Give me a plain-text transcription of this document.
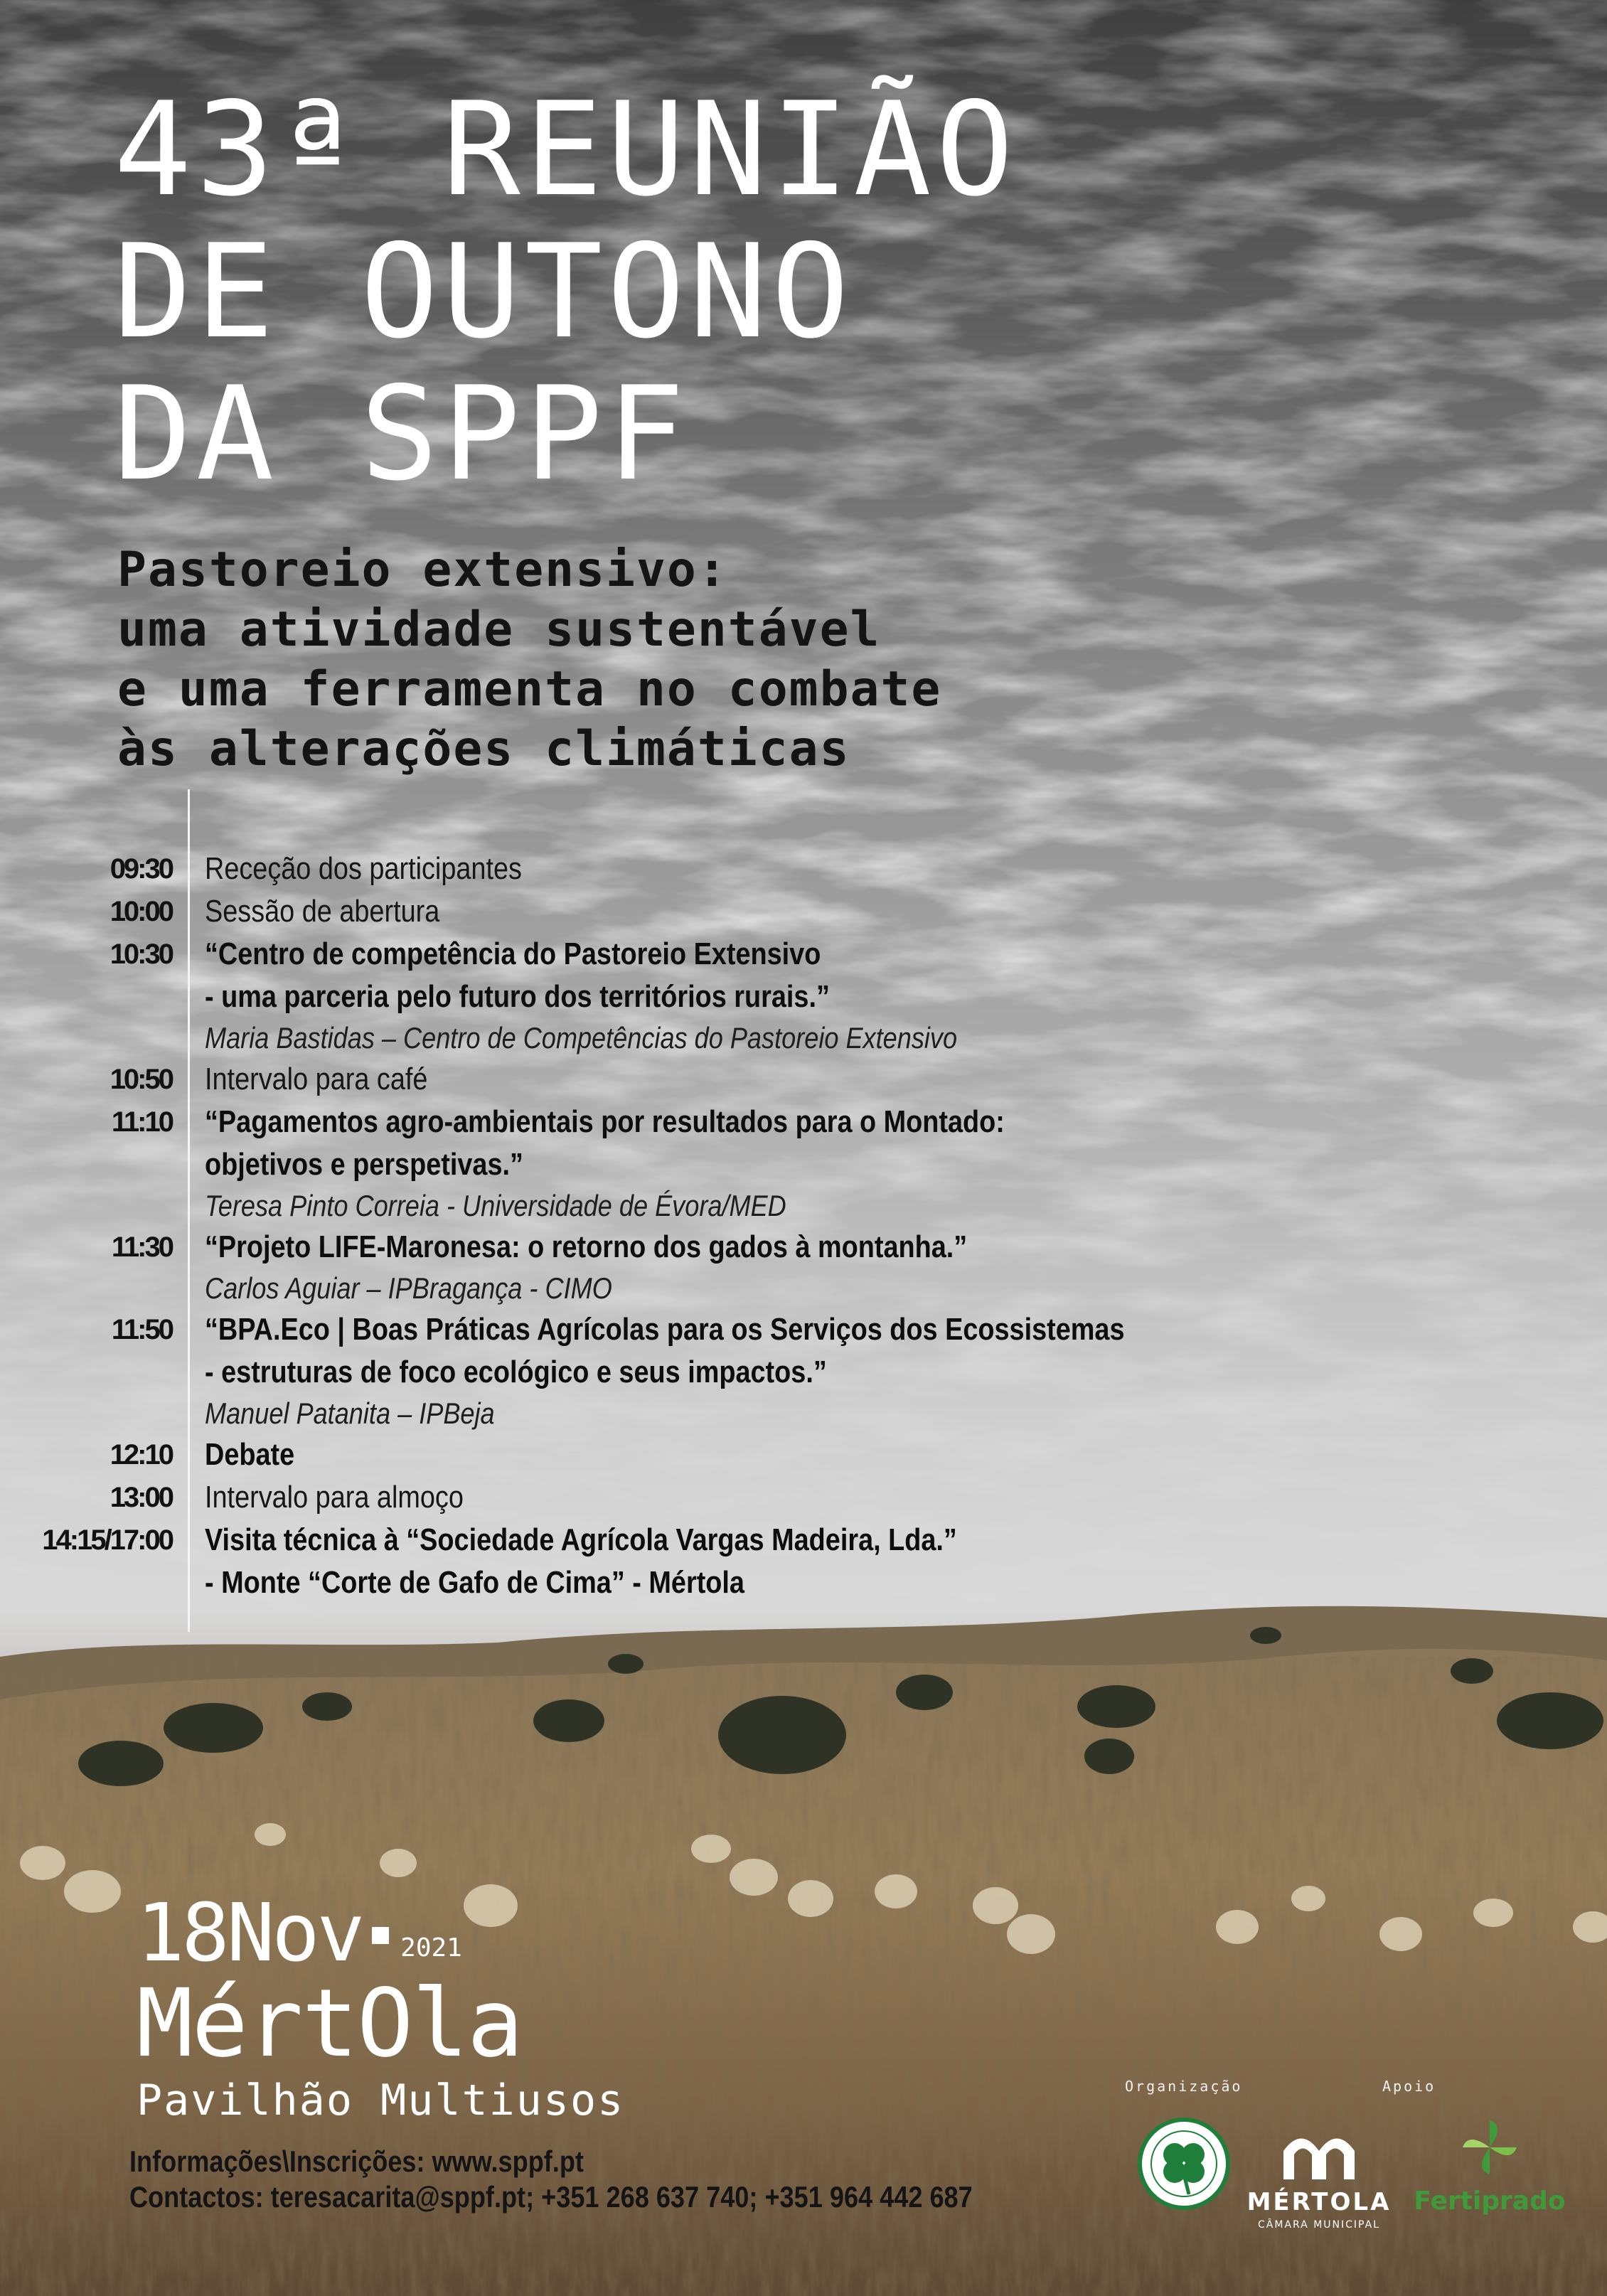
43ª REUNIÃO
DE OUTONO
DA SPPF
Pastoreio extensivo:
uma atividade sustentável
e uma ferramenta no combate
às alterações climáticas
09:30 Receção dos participantes
10:00 Sessão de abertura
10:30 “Centro de competência do Pastoreio Extensivo
- uma parceria pelo futuro dos territórios rurais.”
Maria Bastidas – Centro de Competências do Pastoreio Extensivo
10:50 Intervalo para café
11:10 “Pagamentos agro-ambientais por resultados para o Montado:
objetivos e perspetivas.”
Teresa Pinto Correia - Universidade de Évora/MED
11:30 “Projeto LIFE-Maronesa: o retorno dos gados à montanha.”
Carlos Aguiar – IPBragança - CIMO
11:50 “BPA.Eco | Boas Práticas Agrícolas para os Serviços dos Ecossistemas
- estruturas de foco ecológico e seus impactos.”
Manuel Patanita – IPBeja
12:10 Debate
13:00 Intervalo para almoço
14:15/17:00 Visita técnica à “Sociedade Agrícola Vargas Madeira, Lda.”
- Monte “Corte de Gafo de Cima” - Mértola
18Nov 2021
MértOla
Pavilhão Multiusos
Informações\Inscrições: www.sppf.pt
Contactos: teresacarita@sppf.pt; +351 268 637 740; +351 964 442 687
Organização	Apoio
MÉRTOLA
CÂMARA MUNICIPAL
Fertiprado
